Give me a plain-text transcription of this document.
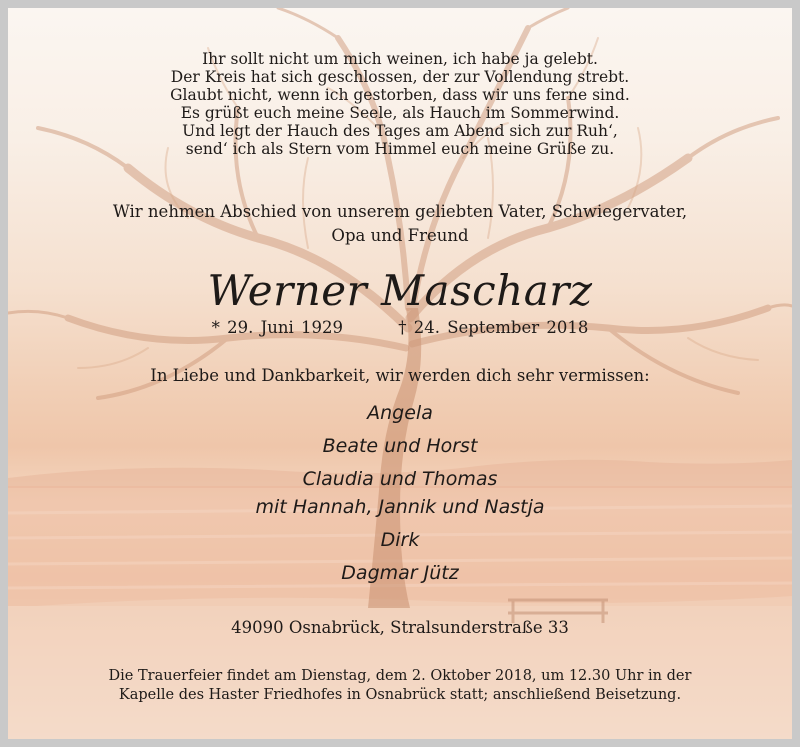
Ihr sollt nicht um mich weinen, ich habe ja gelebt.
Der Kreis hat sich geschlossen, der zur Vollendung strebt.
Glaubt nicht, wenn ich gestorben, dass wir uns ferne sind.
Es grüßt euch meine Seele, als Hauch im Sommerwind.
Und legt der Hauch des Tages am Abend sich zur Ruh‘,
send‘ ich als Stern vom Himmel euch meine Grüße zu.
Wir nehmen Abschied von unserem geliebten Vater, Schwiegervater,
Opa und Freund
Werner Mascharz
* 29. Juni 1929	† 24. September 2018
In Liebe und Dankbarkeit, wir werden dich sehr vermissen:
Angela
Beate und Horst
Claudia und Thomas
mit Hannah, Jannik und Nastja
Dirk
Dagmar Jütz
49090 Osnabrück, Stralsunderstraße 33
Die Trauerfeier findet am Dienstag, dem 2. Oktober 2018, um 12.30 Uhr in der
Kapelle des Haster Friedhofes in Osnabrück statt; anschließend Beisetzung.
